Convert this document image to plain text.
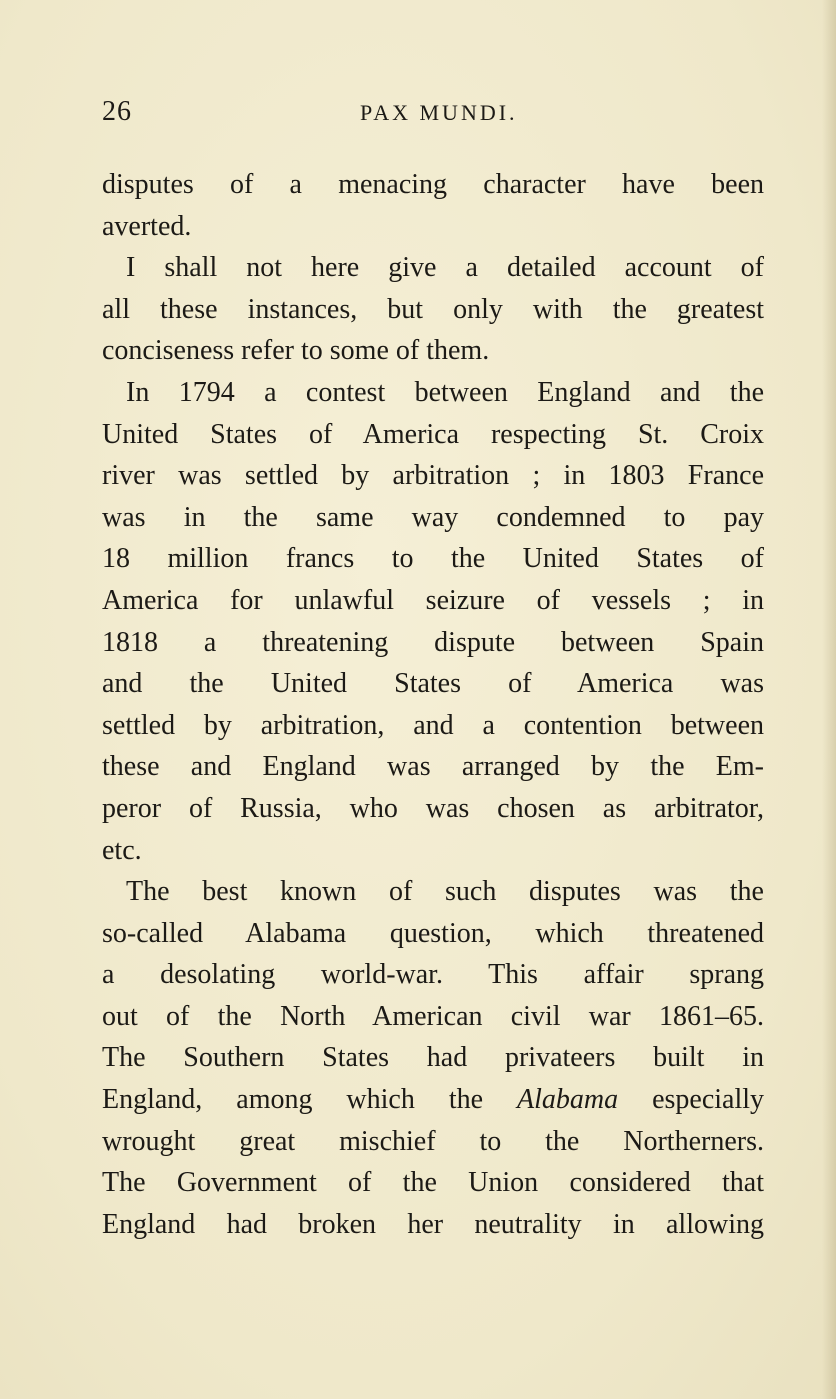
26	PAX MUNDI.
disputes of a menacing character have been
averted.
I shall not here give a detailed account of
all these instances, but only with the greatest
conciseness refer to some of them.
In 1794 a contest between England and the
United States of America respecting St. Croix
river was settled by arbitration ; in 1803 France
was in the same way condemned to pay
18 million francs to the United States of
America for unlawful seizure of vessels ; in
1818 a threatening dispute between Spain
and the United States of America was
settled by arbitration, and a contention between
these and England was arranged by the Em-
peror of Russia, who was chosen as arbitrator,
etc.
The best known of such disputes was the
so-called Alabama question, which threatened
a desolating world-war. This affair sprang
out of the North American civil war 1861–65.
The Southern States had privateers built in
England, among which the Alabama especially
wrought great mischief to the Northerners.
The Government of the Union considered that
England had broken her neutrality in allowing
